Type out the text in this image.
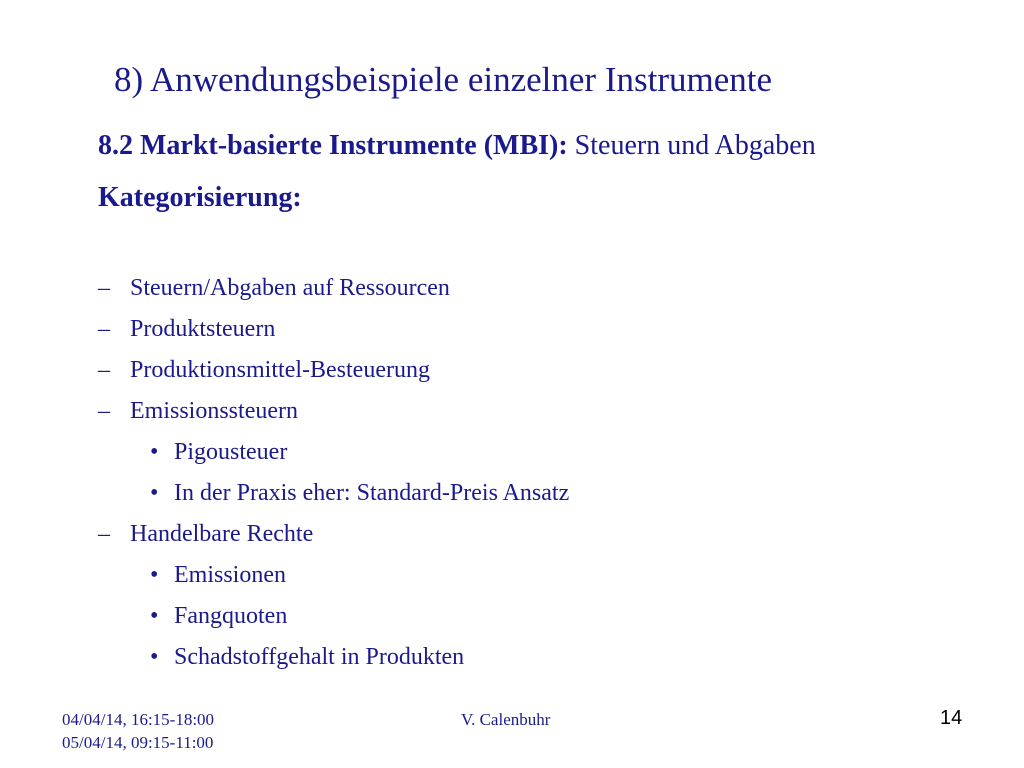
8) Anwendungsbeispiele einzelner Instrumente
8.2 Markt-basierte Instrumente (MBI): Steuern und Abgaben
Kategorisierung:
– Steuern/Abgaben auf Ressourcen
– Produktsteuern
– Produktionsmittel-Besteuerung
– Emissionssteuern
• Pigousteuer
• In der Praxis eher: Standard-Preis Ansatz
– Handelbare Rechte
• Emissionen
• Fangquoten
• Schadstoffgehalt in Produkten
04/04/14, 16:15-18:00
05/04/14, 09:15-11:00
V. Calenbuhr	14
